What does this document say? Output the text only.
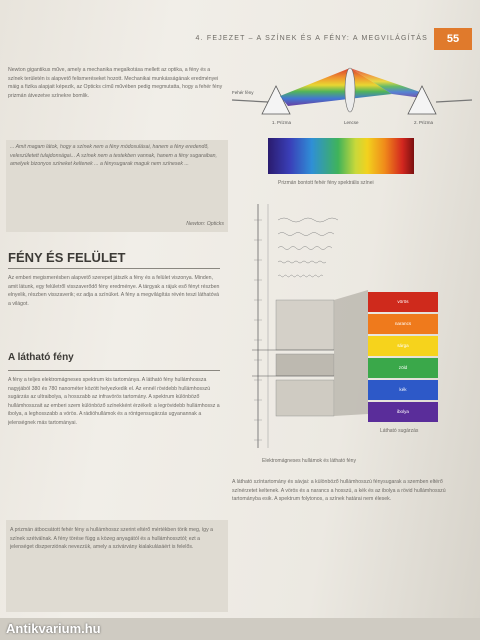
4. FEJEZET – A SZÍNEK ÉS A FÉNY: A MEGVILÁGÍTÁS	55
Newton gigantikus műve, amely a mechanika megalkotása mellett az optika, a fény és a színek területén is alapvető felismeréseket hozott. Mechanikai munkásságának eredményei máig a fizika alapjait képezik, az Opticks című művében pedig megmutatta, hogy a fehér fény prizmán átvezetve színekre bomlik.
... Amit magam látok, hogy a színek nem a fény módosulásai, hanem a fény eredendő, veleszületett tulajdonságai... A színek nem a testekben vannak, hanem a fény sugaraiban, amelyek bizonyos színeket keltenek ... a fénysugarak maguk nem színesek ...
Newton: Opticks
1. Prizma	Lencse	2. Prizma
Fehér fény
Prizmán bontott fehér fény spektrális színei
FÉNY ÉS FELÜLET
Az emberi megismerésben alapvető szerepet játszik a fény és a felület viszonya. Minden, amit látunk, egy felületről visszaverődő fény eredménye. A tárgyak a rájuk eső fényt részben elnyelik, részben visszaverik; ez adja a színüket. A fény a megvilágítás révén teszi láthatóvá a világot.
A látható fény
A fény a teljes elektromágneses spektrum kis tartománya. A látható fény hullámhossza nagyjából 380 és 780 nanométer között helyezkedik el. Az ennél rövidebb hullámhosszú sugárzás az ultraibolya, a hosszabb az infravörös tartomány. A spektrum különböző hullámhosszait az emberi szem különböző színekként érzékeli: a legrövidebb hullámhossz a ibolya, a leghosszabb a vörös. A rádióhullámok és a röntgensugárzás ugyanannak a jelenségnek más tartományai.
A prizmán átbocsátott fehér fény a hullámhossz szerint eltérő mértékben törik meg, így a színek szétválnak. A fény törése függ a közeg anyagától és a hullámhossztól; ezt a jelenséget diszperziónak nevezzük, amely a szivárvány kialakulásáért is felelős.
vörös
narancs
sárga
zöld
kék
ibolya
Látható sugárzás
Elektromágneses hullámok és látható fény
A látható színtartomány és sávjai: a különböző hullámhosszú fénysugarak a szemben eltérő színérzetet keltenek. A vörös és a narancs a hosszú, a kék és az ibolya a rövid hullámhosszú tartományba esik. A spektrum folytonos, a színek határai nem élesek.
Antikvarium.hu
